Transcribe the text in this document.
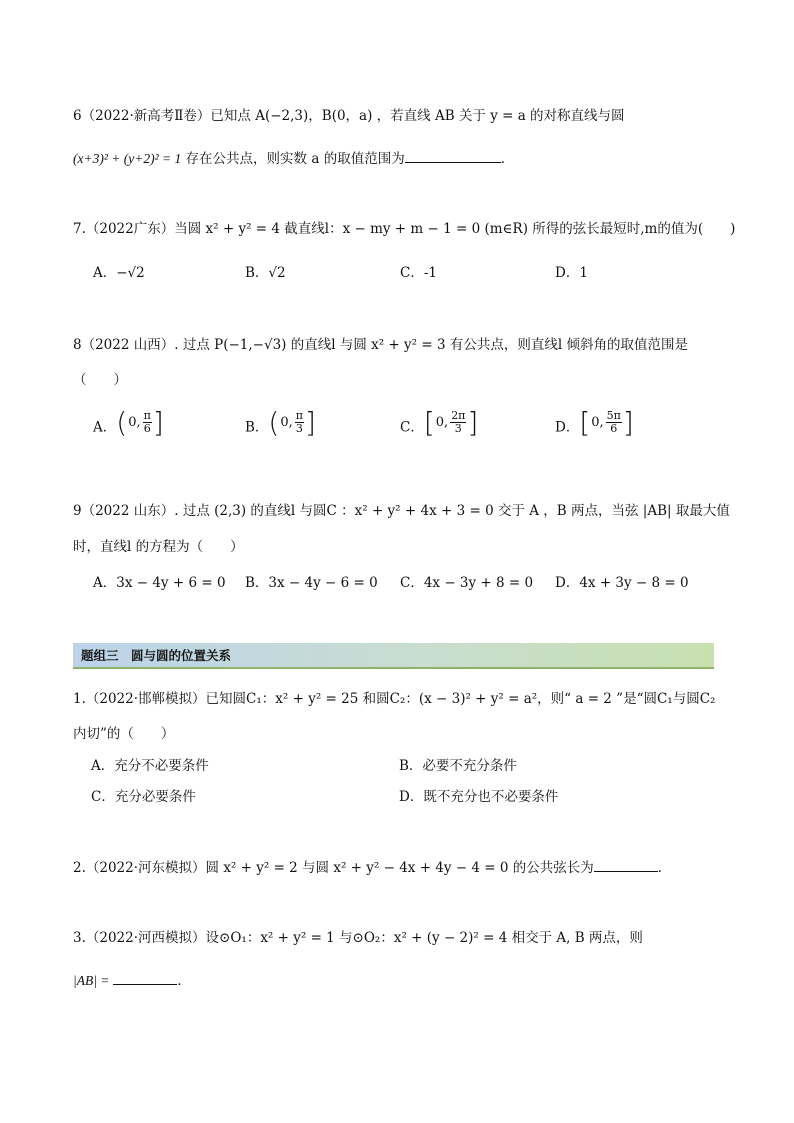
6（2022·新高考Ⅱ卷）已知点 A(−2,3)，B(0，a) ，若直线 AB 关于 y = a 的对称直线与圆
(x+3)² + (y+2)² = 1 存在公共点，则实数 a 的取值范围为	．
7.（2022广东）当圆 x² + y² = 4 截直线l：x − my + m − 1 = 0 (m∈R) 所得的弦长最短时,m的值为(　　)
A．−√2	B．√2	C．-1	D．1
8（2022 山西）. 过点 P(−1,−√3) 的直线l 与圆 x² + y² = 3 有公共点，则直线l 倾斜角的取值范围是
（　　）
A． ( 0, $\frac{\pi}{6}$ ]	B． ( 0, $\frac{\pi}{3}$ ]	C． [ 0, $\frac{2\pi}{3}$ ]	D． [ 0, $\frac{5\pi}{6}$ ]
9（2022 山东）. 过点 (2,3) 的直线l 与圆C ：x² + y² + 4x + 3 = 0 交于 A ，B 两点，当弦 |AB| 取最大值
时，直线l 的方程为（　　）
A．3x − 4y + 6 = 0 B．3x − 4y − 6 = 0 C．4x − 3y + 8 = 0 D．4x + 3y − 8 = 0
题组三　圆与圆的位置关系
1.（2022·邯郸模拟）已知圆C₁：x² + y² = 25 和圆C₂：(x − 3)² + y² = a²，则“ a = 2 ”是“圆C₁与圆C₂
内切”的（　　）
A．充分不必要条件	B．必要不充分条件
C．充分必要条件	D．既不充分也不必要条件
2.（2022·河东模拟）圆 x² + y² = 2 与圆 x² + y² − 4x + 4y − 4 = 0 的公共弦长为	．
3.（2022·河西模拟）设⊙O₁：x² + y² = 1 与⊙O₂：x² + (y − 2)² = 4 相交于 A, B 两点，则
|AB| =	．
